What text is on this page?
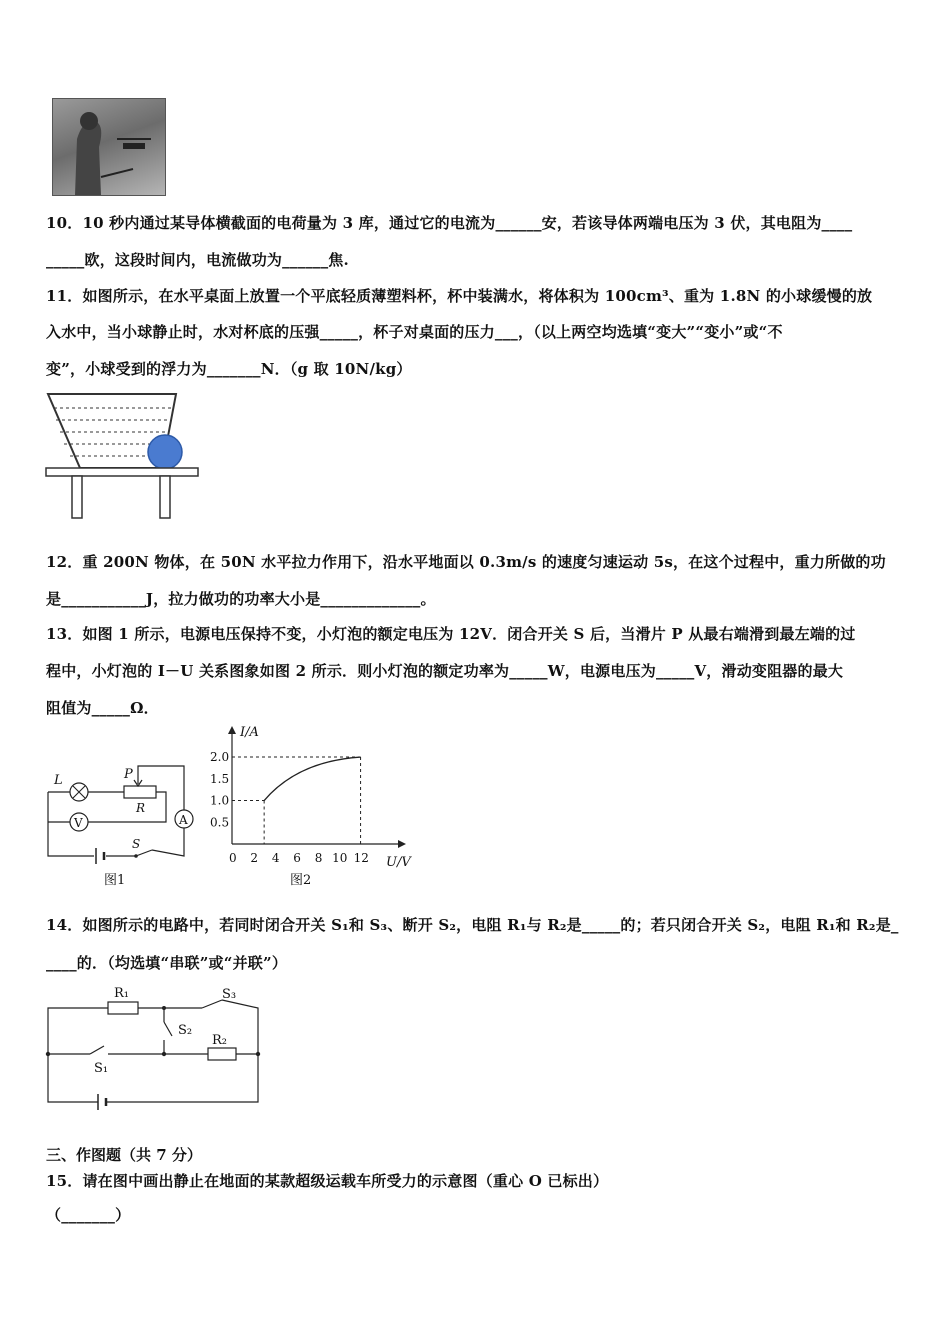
10．10 秒内通过某导体横截面的电荷量为 3 库，通过它的电流为______安，若该导体两端电压为 3 伏，其电阻为____
_____欧，这段时间内，电流做功为______焦.
11．如图所示，在水平桌面上放置一个平底轻质薄塑料杯，杯中装满水，将体积为 100cm³、重为 1.8N 的小球缓慢的放
入水中，当小球静止时，水对杯底的压强_____，杯子对桌面的压力___，（以上两空均选填“变大”“变小”或“不
变”，小球受到的浮力为_______N．（g 取 10N/kg）
12．重 200N 物体，在 50N 水平拉力作用下，沿水平地面以 0.3m/s 的速度匀速运动 5s，在这个过程中，重力所做的功
是___________J，拉力做功的功率大小是_____________。
13．如图 1 所示，电源电压保持不变，小灯泡的额定电压为 12V．闭合开关 S 后，当滑片 P 从最右端滑到最左端的过
程中，小灯泡的 I－U 关系图象如图 2 所示．则小灯泡的额定功率为_____W，电源电压为_____V，滑动变阻器的最大
阻值为_____Ω．
L	P
R
A
V
S
图1
0.5
1.0
1.5
2.0
0 2 4 6 8 10 12
I/A
U/V
图2
14．如图所示的电路中，若同时闭合开关 S₁和 S₃、断开 S₂，电阻 R₁与 R₂是_____的；若只闭合开关 S₂，电阻 R₁和 R₂是_
____的．（均选填“串联”或“并联”）
R₁
R₂
S₃
S₂
S₁
三、作图题（共 7 分）
15．请在图中画出静止在地面的某款超级运载车所受力的示意图（重心 O 已标出）
（_______）
